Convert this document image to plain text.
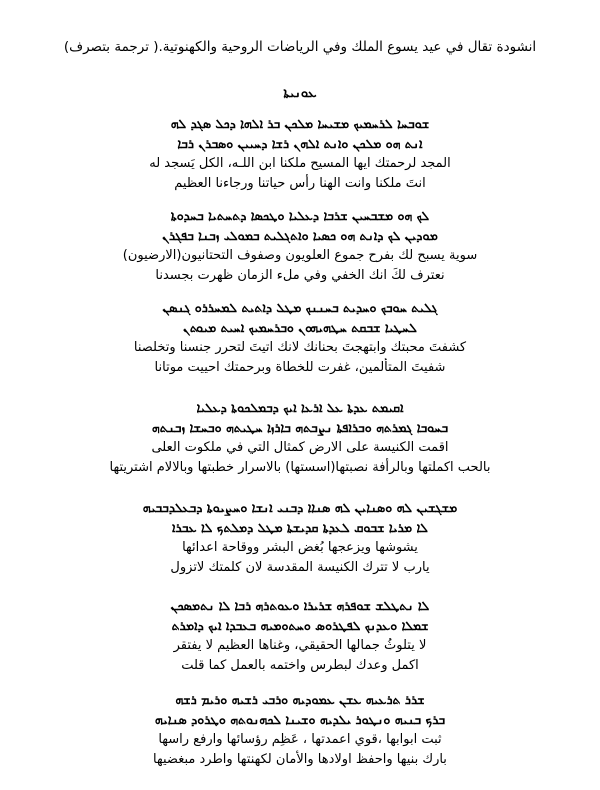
انشودة تقال في عيد يسوع الملك وفي الرياضات الروحية والكهنوتية.( ترجمة بتصرف)
ܥܘܢܝܬܐ
ܫܘܒܚܐ ܠܪܚܡܝܟ ܡܫܝܚܐ ܡܠܟܢ ܒܪ ܐܠܗܐ ܕܟܠ ܣܓܕ ܠܗ
ܐܢܬ ܗܘ ܡܠܟܢ ܘܐܢܬ ܐܠܗܢ ܪܫܐ ܕܚܝܝܢ ܘܣܒܪܢ ܪܒܐ
المجد لرحمتك ايها المسيح ملكنا ابن اللـه، الكل يَسجد له
انتَ ملكنا وانت الهنا رأس حياتنا ورجاءنا العظيم
ܠܟ ܗܘ ܡܫܒܚܝܢ ܫܪܒܐ ܕܥܠܝܐ ܘܛܟܣܐ ܕܬܚܬܝܐ ܒܚܕܘܬܐ
ܡܘܕܝܢ ܠܟ ܕܐܢܬ ܗܘ ܟܣܝܐ ܘܐܬܓܠܝܬ ܒܡܘܠܝ ܙܒܢܐ ܒܦܓܪܢ
سوية يسبح لك بفرح جموع العلويون وصفوف التحتانيون(الارضيون)
نعترف لكَ انك الخفي وفي ملء الزمان ظهرت بجسدنا
ܓܠܝܬ ܚܘܒܟ ܘܚܕܝܬ ܒܚܢܢܟ ܡܛܠ ܕܐܬܝܬ ܠܡܚܪܪܘ ܓܢܣܢ
ܠܚܛܝܐ ܫܒܩܬ ܚܛܗܝܗܘܢ ܘܒܪܚܡܝܟ ܐܚܝܬ ܡܝܘܬܢ
كشفتَ محبتك وابتهجتَ بحنانك لانك اتيتَ لتحرر جنسنا وتخلصنا
شفيتَ المتألمين، غفرت للخطاة وبرحمتك احييت موتانا
ܐܩܝܡܬ ܥܕܬܐ ܥܠ ܐܪܥܐ ܐܝܟ ܕܒܡܠܟܘܬܐ ܕܥܠܝܐ
ܒܚܘܒܐ ܓܡܪܬܗ ܘܒܪܐܦܬܐ ܢܨܒܬܗ ܒܐܪܙܐ ܚܛܝܬܗ ܘܒܚܫܐ ܙܒܢܬܗ
اقمت الكنيسة على الارض كمثال التي في ملكوت العلى
بالحب اكملتها وبالرأفة نصبتها(اسستها) بالاسرار خطبتها وبالالام اشتريتها
ܡܫܓܫܝܢ ܠܗ ܘܣܢܐܝܢ ܠܗ ܣܢܐܐ ܕܒܢܝ ܐܢܫܐ ܘܚܨܝܘܬܐ ܕܒܥܠܕܒܒܝܗ
ܠܐ ܡܪܝܐ ܫܒܘܩ ܠܥܕܬܐ ܩܕܝܫܬܐ ܡܛܠ ܕܡܠܬܟ ܠܐ ܥܒܪܐ
يشوشها ويزعجها بُغض البشر ووقاحة اعدائها
يارب لا تترك الكنيسة المقدسة لان كلمتك لاتزول
ܠܐ ܢܬܛܠܫ ܫܘܦܪܗ ܫܪܝܪܐ ܘܥܘܬܪܗ ܪܒܐ ܠܐ ܢܬܡܣܟܢ
ܫܡܠܐ ܘܥܕܢܟ ܠܦܛܪܘܣ ܘܚܬܘܡܝܗ ܒܥܒܕܐ ܐܝܟ ܕܐܡܪܬ
لا يتلوثُ جمالها الحقيقي، وغناها العظيم لا يفتقر
اكمل وعدك لبطرس واختمه بالعمل كما قلت
ܫܪܪ ܬܪܥܝܗ ܥܫܢ ܥܡܘܕܝܗ ܘܪܒܝ ܪܫܝܗ ܘܪܝܡ ܪܫܗ
ܒܪܟ ܒܢܝܗ ܘܢܛܘܪ ܝܠܕܝܗ ܘܫܝܢܐ ܠܟܗܢܘܬܗ ܘܛܪܘܕ ܣܢܐܝܗ
ثبت ابوابها ،قوي اعمدتها ، عَظِم رؤسائها وارفع راسها
بارك بنيها واحفظ اولادها والأمان لكهنتها واطرد مبغضيها
